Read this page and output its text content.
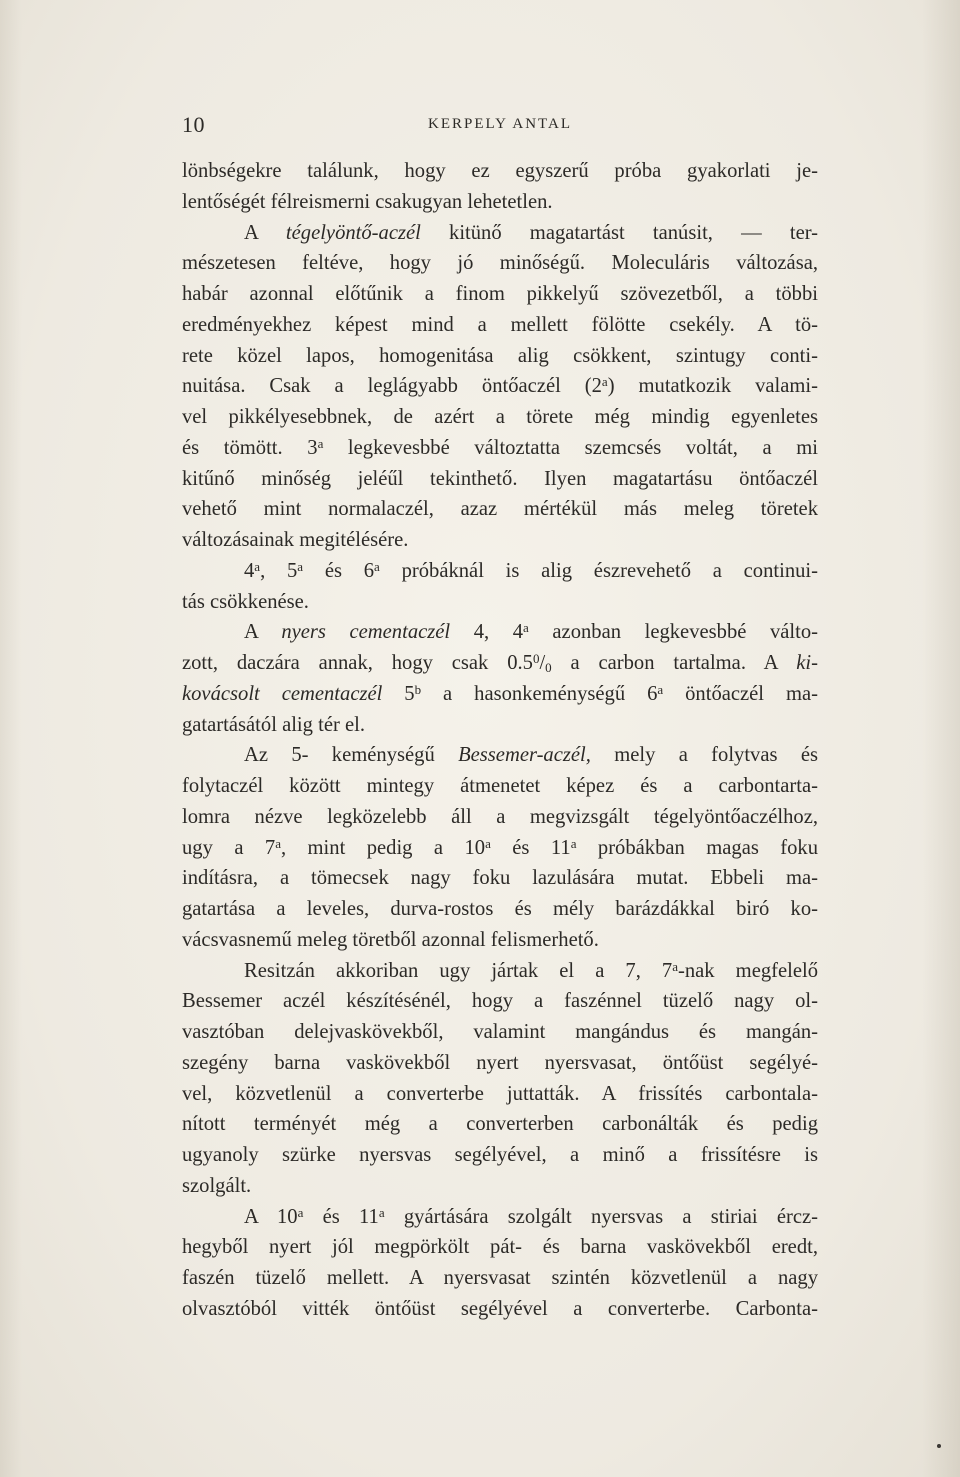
10	KERPELY ANTAL
lönbségekre találunk, hogy ez egyszerű próba gyakorlati je-
lentőségét félreismerni csakugyan lehetetlen.
A tégelyöntő-aczél kitünő magatartást tanúsit, — ter-
mészetesen feltéve, hogy jó minőségű. Moleculáris változása,
habár azonnal előtűnik a finom pikkelyű szövezetből, a többi
eredményekhez képest mind a mellett fölötte csekély. A tö-
rete közel lapos, homogenitása alig csökkent, szintugy conti-
nuitása. Csak a leglágyabb öntőaczél (2$^a$) mutatkozik valami-
vel pikkélyesebbnek, de azért a törete még mindig egyenletes
és tömött. 3$^a$ legkevesbbé változtatta szemcsés voltát, a mi
kitűnő minőség jeléűl tekinthető. Ilyen magatartásu öntőaczél
vehető mint normalaczél, azaz mértékül más meleg töretek
változásainak megitélésére.
4$^a$, 5$^a$ és 6$^a$ próbáknál is alig észrevehető a continui-
tás csökkenése.
A nyers cementaczél 4, 4$^a$ azonban legkevesbbé válto-
zott, daczára annak, hogy csak $0.5^0/_0$ a carbon tartalma. A ki-
kovácsolt cementaczél 5$^b$ a hasonkeménységű 6$^a$ öntőaczél ma-
gatartásától alig tér el.
Az 5- keménységű Bessemer-aczél, mely a folytvas és
folytaczél között mintegy átmenetet képez és a carbontarta-
lomra nézve legközelebb áll a megvizsgált tégelyöntőaczélhoz,
ugy a 7$^a$, mint pedig a 10$^a$ és 11$^a$ próbákban magas foku
indításra, a tömecsek nagy foku lazulására mutat. Ebbeli ma-
gatartása a leveles, durva-rostos és mély barázdákkal biró ko-
vácsvasnemű meleg töretből azonnal felismerhető.
Resitzán akkoriban ugy jártak el a 7, 7$^a$-nak megfelelő
Bessemer aczél készítésénél, hogy a faszénnel tüzelő nagy ol-
vasztóban delejvaskövekből, valamint mangándus és mangán-
szegény barna vaskövekből nyert nyersvasat, öntőüst segélyé-
vel, közvetlenül a converterbe juttatták. A frissítés carbontala-
nított terményét még a converterben carbonálták és pedig
ugyanoly szürke nyersvas segélyével, a minő a frissítésre is
szolgált.
A 10$^a$ és 11$^a$ gyártására szolgált nyersvas a stiriai ércz-
hegyből nyert jól megpörkölt pát- és barna vaskövekből eredt,
faszén tüzelő mellett. A nyersvasat szintén közvetlenül a nagy
olvasztóból vitték öntőüst segélyével a converterbe. Carbonta-
